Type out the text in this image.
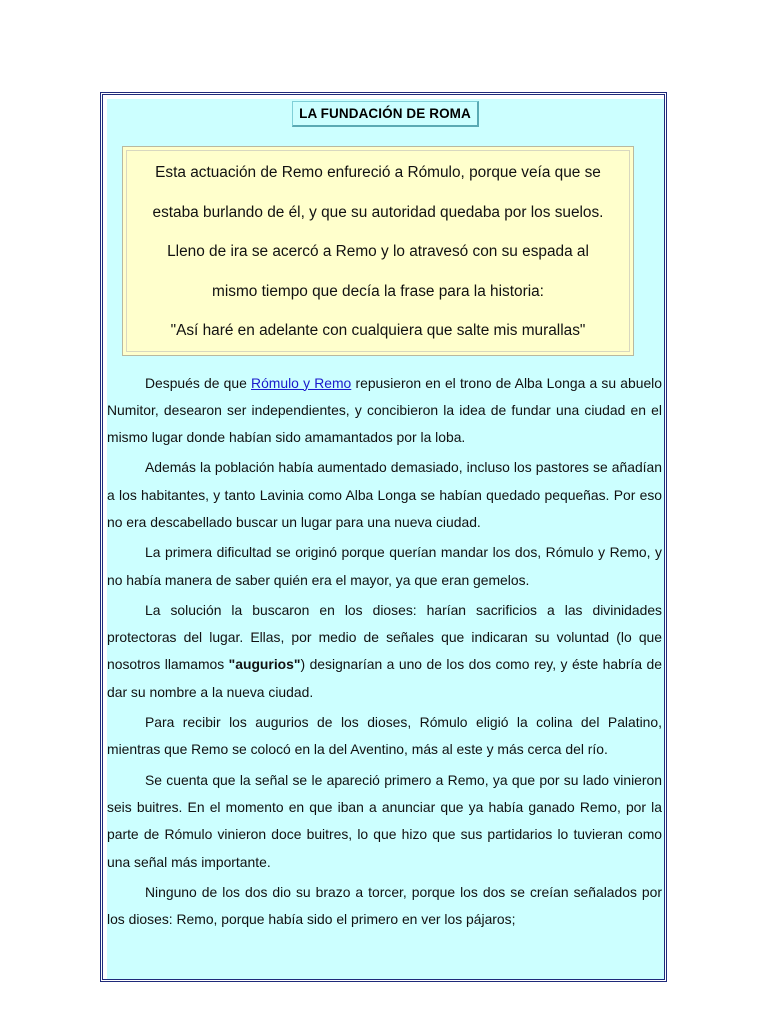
LA FUNDACIÓN DE ROMA
Esta actuación de Remo enfureció a Rómulo, porque veía que se
estaba burlando de él, y que su autoridad quedaba por los suelos.
Lleno de ira se acercó a Remo y lo atravesó con su espada al
mismo tiempo que decía la frase para la historia:
"Así haré en adelante con cualquiera que salte mis murallas"

Después de que Rómulo y Remo repusieron en el trono de Alba Longa a su abuelo Numitor, desearon ser independientes, y concibieron la idea de fundar una ciudad en el mismo lugar donde habían sido amamantados por la loba.

Además la población había aumentado demasiado, incluso los pastores se añadían a los habitantes, y tanto Lavinia como Alba Longa se habían quedado pequeñas. Por eso no era descabellado buscar un lugar para una nueva ciudad.

La primera dificultad se originó porque querían mandar los dos, Rómulo y Remo, y no había manera de saber quién era el mayor, ya que eran gemelos.

La solución la buscaron en los dioses: harían sacrificios a las divinidades protectoras del lugar. Ellas, por medio de señales que indicaran su voluntad (lo que nosotros llamamos "augurios") designarían a uno de los dos como rey, y éste habría de dar su nombre a la nueva ciudad.

Para recibir los augurios de los dioses, Rómulo eligió la colina del Palatino, mientras que Remo se colocó en la del Aventino, más al este y más cerca del río.

Se cuenta que la señal se le apareció primero a Remo, ya que por su lado vinieron seis buitres. En el momento en que iban a anunciar que ya había ganado Remo, por la parte de Rómulo vinieron doce buitres, lo que hizo que sus partidarios lo tuvieran como una señal más importante.

Ninguno de los dos dio su brazo a torcer, porque los dos se creían señalados por los dioses: Remo, porque había sido el primero en ver los pájaros;
